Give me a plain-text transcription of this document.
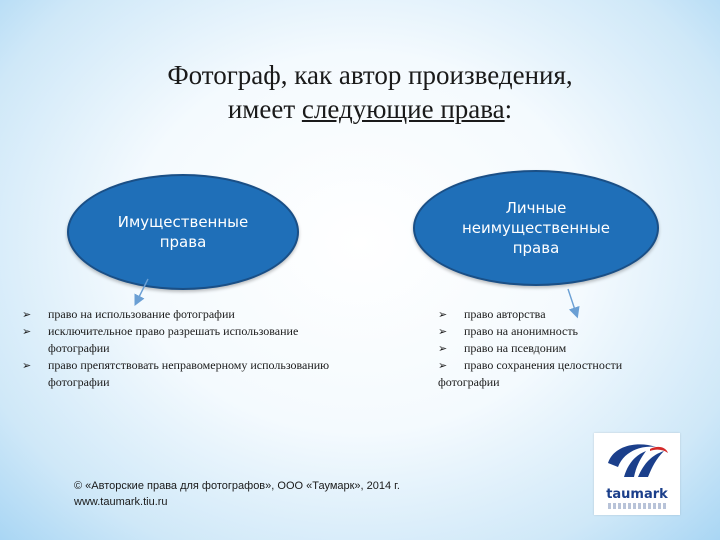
Фотограф, как автор произведения,
имеет следующие права:
Имущественные
права
Личные
неимущественные
права
➢	право на использование фотографии
➢	исключительное право разрешать использование фотографии
➢	право препятствовать неправомерному использованию фотографии
➢	право авторства
➢	право на анонимность
➢	право на псевдоним
➢	право сохранения целостности
фотографии
© «Авторские права для фотографов», ООО «Таумарк», 2014 г.
www.taumark.tiu.ru	taumark
